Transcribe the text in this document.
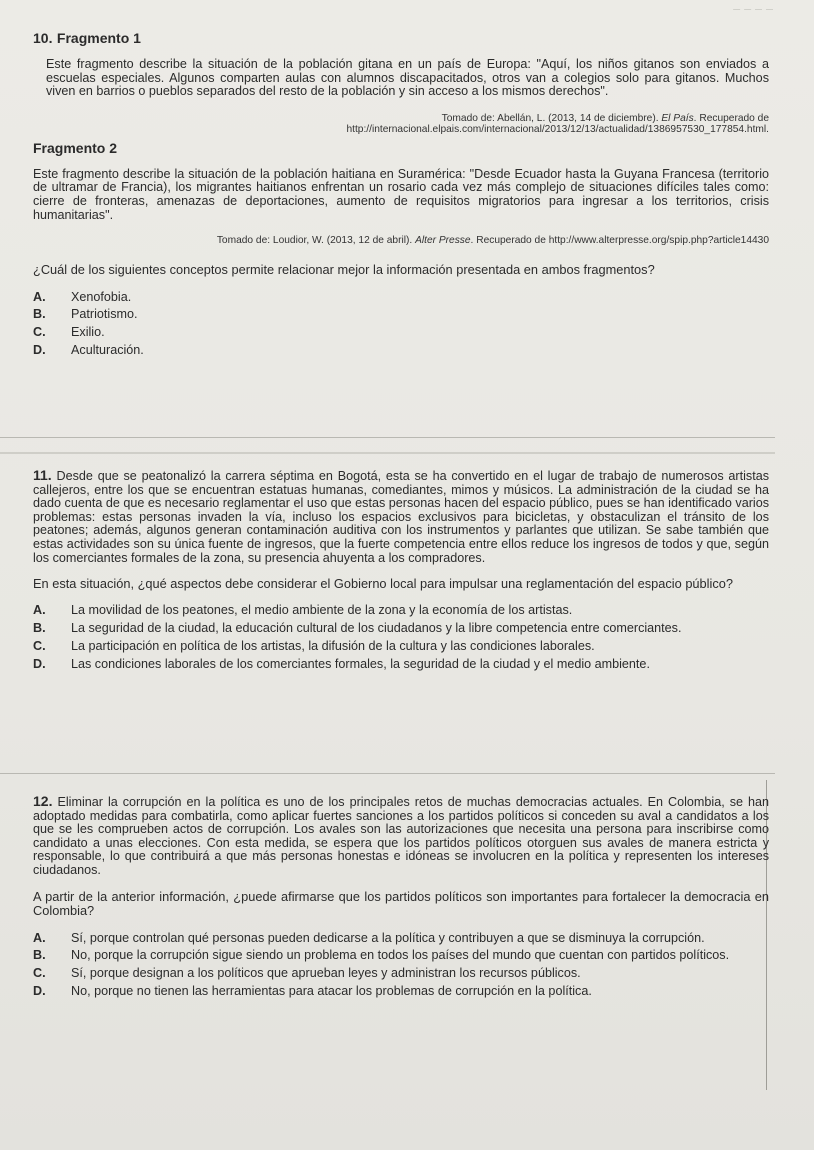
— — — —
10. Fragmento 1

Este fragmento describe la situación de la población gitana en un país de Europa: "Aquí, los niños gitanos son enviados a escuelas especiales. Algunos comparten aulas con alumnos discapacitados, otros van a colegios solo para gitanos. Muchos viven en barrios o pueblos separados del resto de la población y sin acceso a los mismos derechos".

Tomado de: Abellán, L. (2013, 14 de diciembre). El País. Recuperado de
http://internacional.elpais.com/internacional/2013/12/13/actualidad/1386957530_177854.html.
Fragmento 2

Este fragmento describe la situación de la población haitiana en Suramérica: "Desde Ecuador hasta la Guyana Francesa (territorio de ultramar de Francia), los migrantes haitianos enfrentan un rosario cada vez más complejo de situaciones difíciles tales como: cierre de fronteras, amenazas de deportaciones, aumento de requisitos migratorios para ingresar a los territorios, crisis humanitarias".

Tomado de: Loudior, W. (2013, 12 de abril). Alter Presse. Recuperado de http://www.alterpresse.org/spip.php?article14430

¿Cuál de los siguientes conceptos permite relacionar mejor la información presentada en ambos fragmentos?

A.	Xenofobia.
B.	Patriotismo.
C.	Exilio.
D.	Aculturación.

11. Desde que se peatonalizó la carrera séptima en Bogotá, esta se ha convertido en el lugar de trabajo de numerosos artistas callejeros, entre los que se encuentran estatuas humanas, comediantes, mimos y músicos. La administración de la ciudad se ha dado cuenta de que es necesario reglamentar el uso que estas personas hacen del espacio público, pues se han identificado varios problemas: estas personas invaden la vía, incluso los espacios exclusivos para bicicletas, y obstaculizan el tránsito de los peatones; además, algunos generan contaminación auditiva con los instrumentos y parlantes que utilizan. Se sabe también que estas actividades son su única fuente de ingresos, que la fuerte competencia entre ellos reduce los ingresos de todos y que, según los comerciantes formales de la zona, su presencia ahuyenta a los compradores.

En esta situación, ¿qué aspectos debe considerar el Gobierno local para impulsar una reglamentación del espacio público?

A.	La movilidad de los peatones, el medio ambiente de la zona y la economía de los artistas.
B.	La seguridad de la ciudad, la educación cultural de los ciudadanos y la libre competencia entre comerciantes.
C.	La participación en política de los artistas, la difusión de la cultura y las condiciones laborales.
D.	Las condiciones laborales de los comerciantes formales, la seguridad de la ciudad y el medio ambiente.

12. Eliminar la corrupción en la política es uno de los principales retos de muchas democracias actuales. En Colombia, se han adoptado medidas para combatirla, como aplicar fuertes sanciones a los partidos políticos si conceden su aval a candidatos a los que se les comprueben actos de corrupción. Los avales son las autorizaciones que necesita una persona para inscribirse como candidato a unas elecciones. Con esta medida, se espera que los partidos políticos otorguen sus avales de manera estricta y responsable, lo que contribuirá a que más personas honestas e idóneas se involucren en la política y representen los intereses ciudadanos.

A partir de la anterior información, ¿puede afirmarse que los partidos políticos son importantes para fortalecer la democracia en Colombia?

A.	Sí, porque controlan qué personas pueden dedicarse a la política y contribuyen a que se disminuya la corrupción.
B.	No, porque la corrupción sigue siendo un problema en todos los países del mundo que cuentan con partidos políticos.
C.	Sí, porque designan a los políticos que aprueban leyes y administran los recursos públicos.
D.	No, porque no tienen las herramientas para atacar los problemas de corrupción en la política.
